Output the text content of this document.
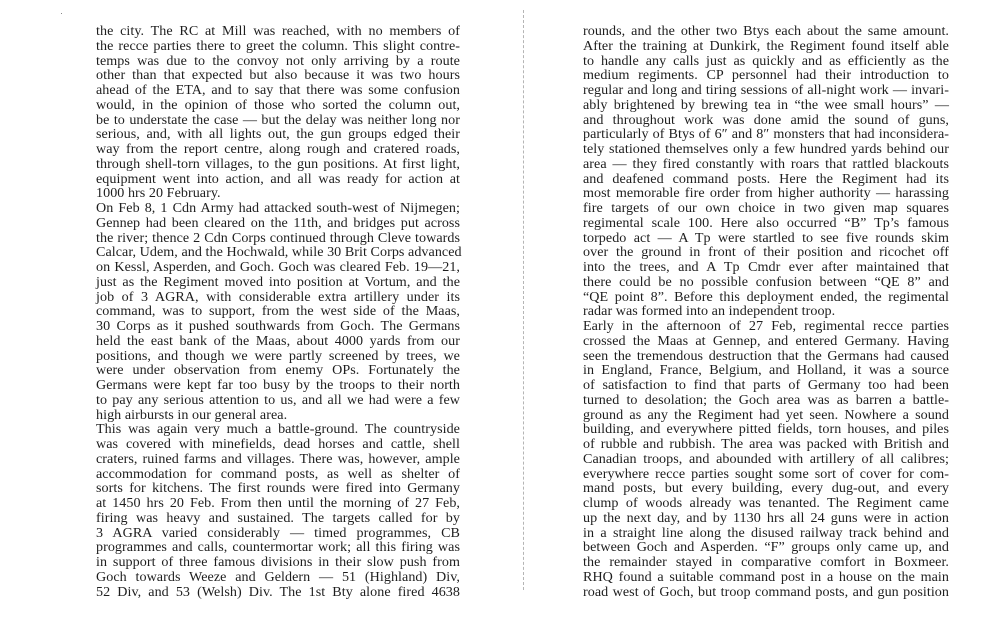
the city. The RC at Mill was reached, with no members of
the recce parties there to greet the column. This slight contre-
temps was due to the convoy not only arriving by a route
other than that expected but also because it was two hours
ahead of the ETA, and to say that there was some confusion
would, in the opinion of those who sorted the column out,
be to understate the case — but the delay was neither long nor
serious, and, with all lights out, the gun groups edged their
way from the report centre, along rough and cratered roads,
through shell-torn villages, to the gun positions. At first light,
equipment went into action, and all was ready for action at
1000 hrs 20 February.
On Feb 8, 1 Cdn Army had attacked south-west of Nijmegen;
Gennep had been cleared on the 11th, and bridges put across
the river; thence 2 Cdn Corps continued through Cleve towards
Calcar, Udem, and the Hochwald, while 30 Brit Corps advanced
on Kessl, Asperden, and Goch. Goch was cleared Feb. 19—21,
just as the Regiment moved into position at Vortum, and the
job of 3 AGRA, with considerable extra artillery under its
command, was to support, from the west side of the Maas,
30 Corps as it pushed southwards from Goch. The Germans
held the east bank of the Maas, about 4000 yards from our
positions, and though we were partly screened by trees, we
were under observation from enemy OPs. Fortunately the
Germans were kept far too busy by the troops to their north
to pay any serious attention to us, and all we had were a few
high airbursts in our general area.
This was again very much a battle-ground. The countryside
was covered with minefields, dead horses and cattle, shell
craters, ruined farms and villages. There was, however, ample
accommodation for command posts, as well as shelter of
sorts for kitchens. The first rounds were fired into Germany
at 1450 hrs 20 Feb. From then until the morning of 27 Feb,
firing was heavy and sustained. The targets called for by
3 AGRA varied considerably — timed programmes, CB
programmes and calls, countermortar work; all this firing was
in support of three famous divisions in their slow push from
Goch towards Weeze and Geldern — 51 (Highland) Div,
52 Div, and 53 (Welsh) Div. The 1st Bty alone fired 4638
rounds, and the other two Btys each about the same amount.
After the training at Dunkirk, the Regiment found itself able
to handle any calls just as quickly and as efficiently as the
medium regiments. CP personnel had their introduction to
regular and long and tiring sessions of all-night work — invari-
ably brightened by brewing tea in “the wee small hours” —
and throughout work was done amid the sound of guns,
particularly of Btys of 6″ and 8″ monsters that had inconsidera-
tely stationed themselves only a few hundred yards behind our
area — they fired constantly with roars that rattled blackouts
and deafened command posts. Here the Regiment had its
most memorable fire order from higher authority — harassing
fire targets of our own choice in two given map squares
regimental scale 100. Here also occurred “B” Tp’s famous
torpedo act — A Tp were startled to see five rounds skim
over the ground in front of their position and ricochet off
into the trees, and A Tp Cmdr ever after maintained that
there could be no possible confusion between “QE 8” and
“QE point 8”. Before this deployment ended, the regimental
radar was formed into an independent troop.
Early in the afternoon of 27 Feb, regimental recce parties
crossed the Maas at Gennep, and entered Germany. Having
seen the tremendous destruction that the Germans had caused
in England, France, Belgium, and Holland, it was a source
of satisfaction to find that parts of Germany too had been
turned to desolation; the Goch area was as barren a battle-
ground as any the Regiment had yet seen. Nowhere a sound
building, and everywhere pitted fields, torn houses, and piles
of rubble and rubbish. The area was packed with British and
Canadian troops, and abounded with artillery of all calibres;
everywhere recce parties sought some sort of cover for com-
mand posts, but every building, every dug-out, and every
clump of woods already was tenanted. The Regiment came
up the next day, and by 1130 hrs all 24 guns were in action
in a straight line along the disused railway track behind and
between Goch and Asperden. “F” groups only came up, and
the remainder stayed in comparative comfort in Boxmeer.
RHQ found a suitable command post in a house on the main
road west of Goch, but troop command posts, and gun position
